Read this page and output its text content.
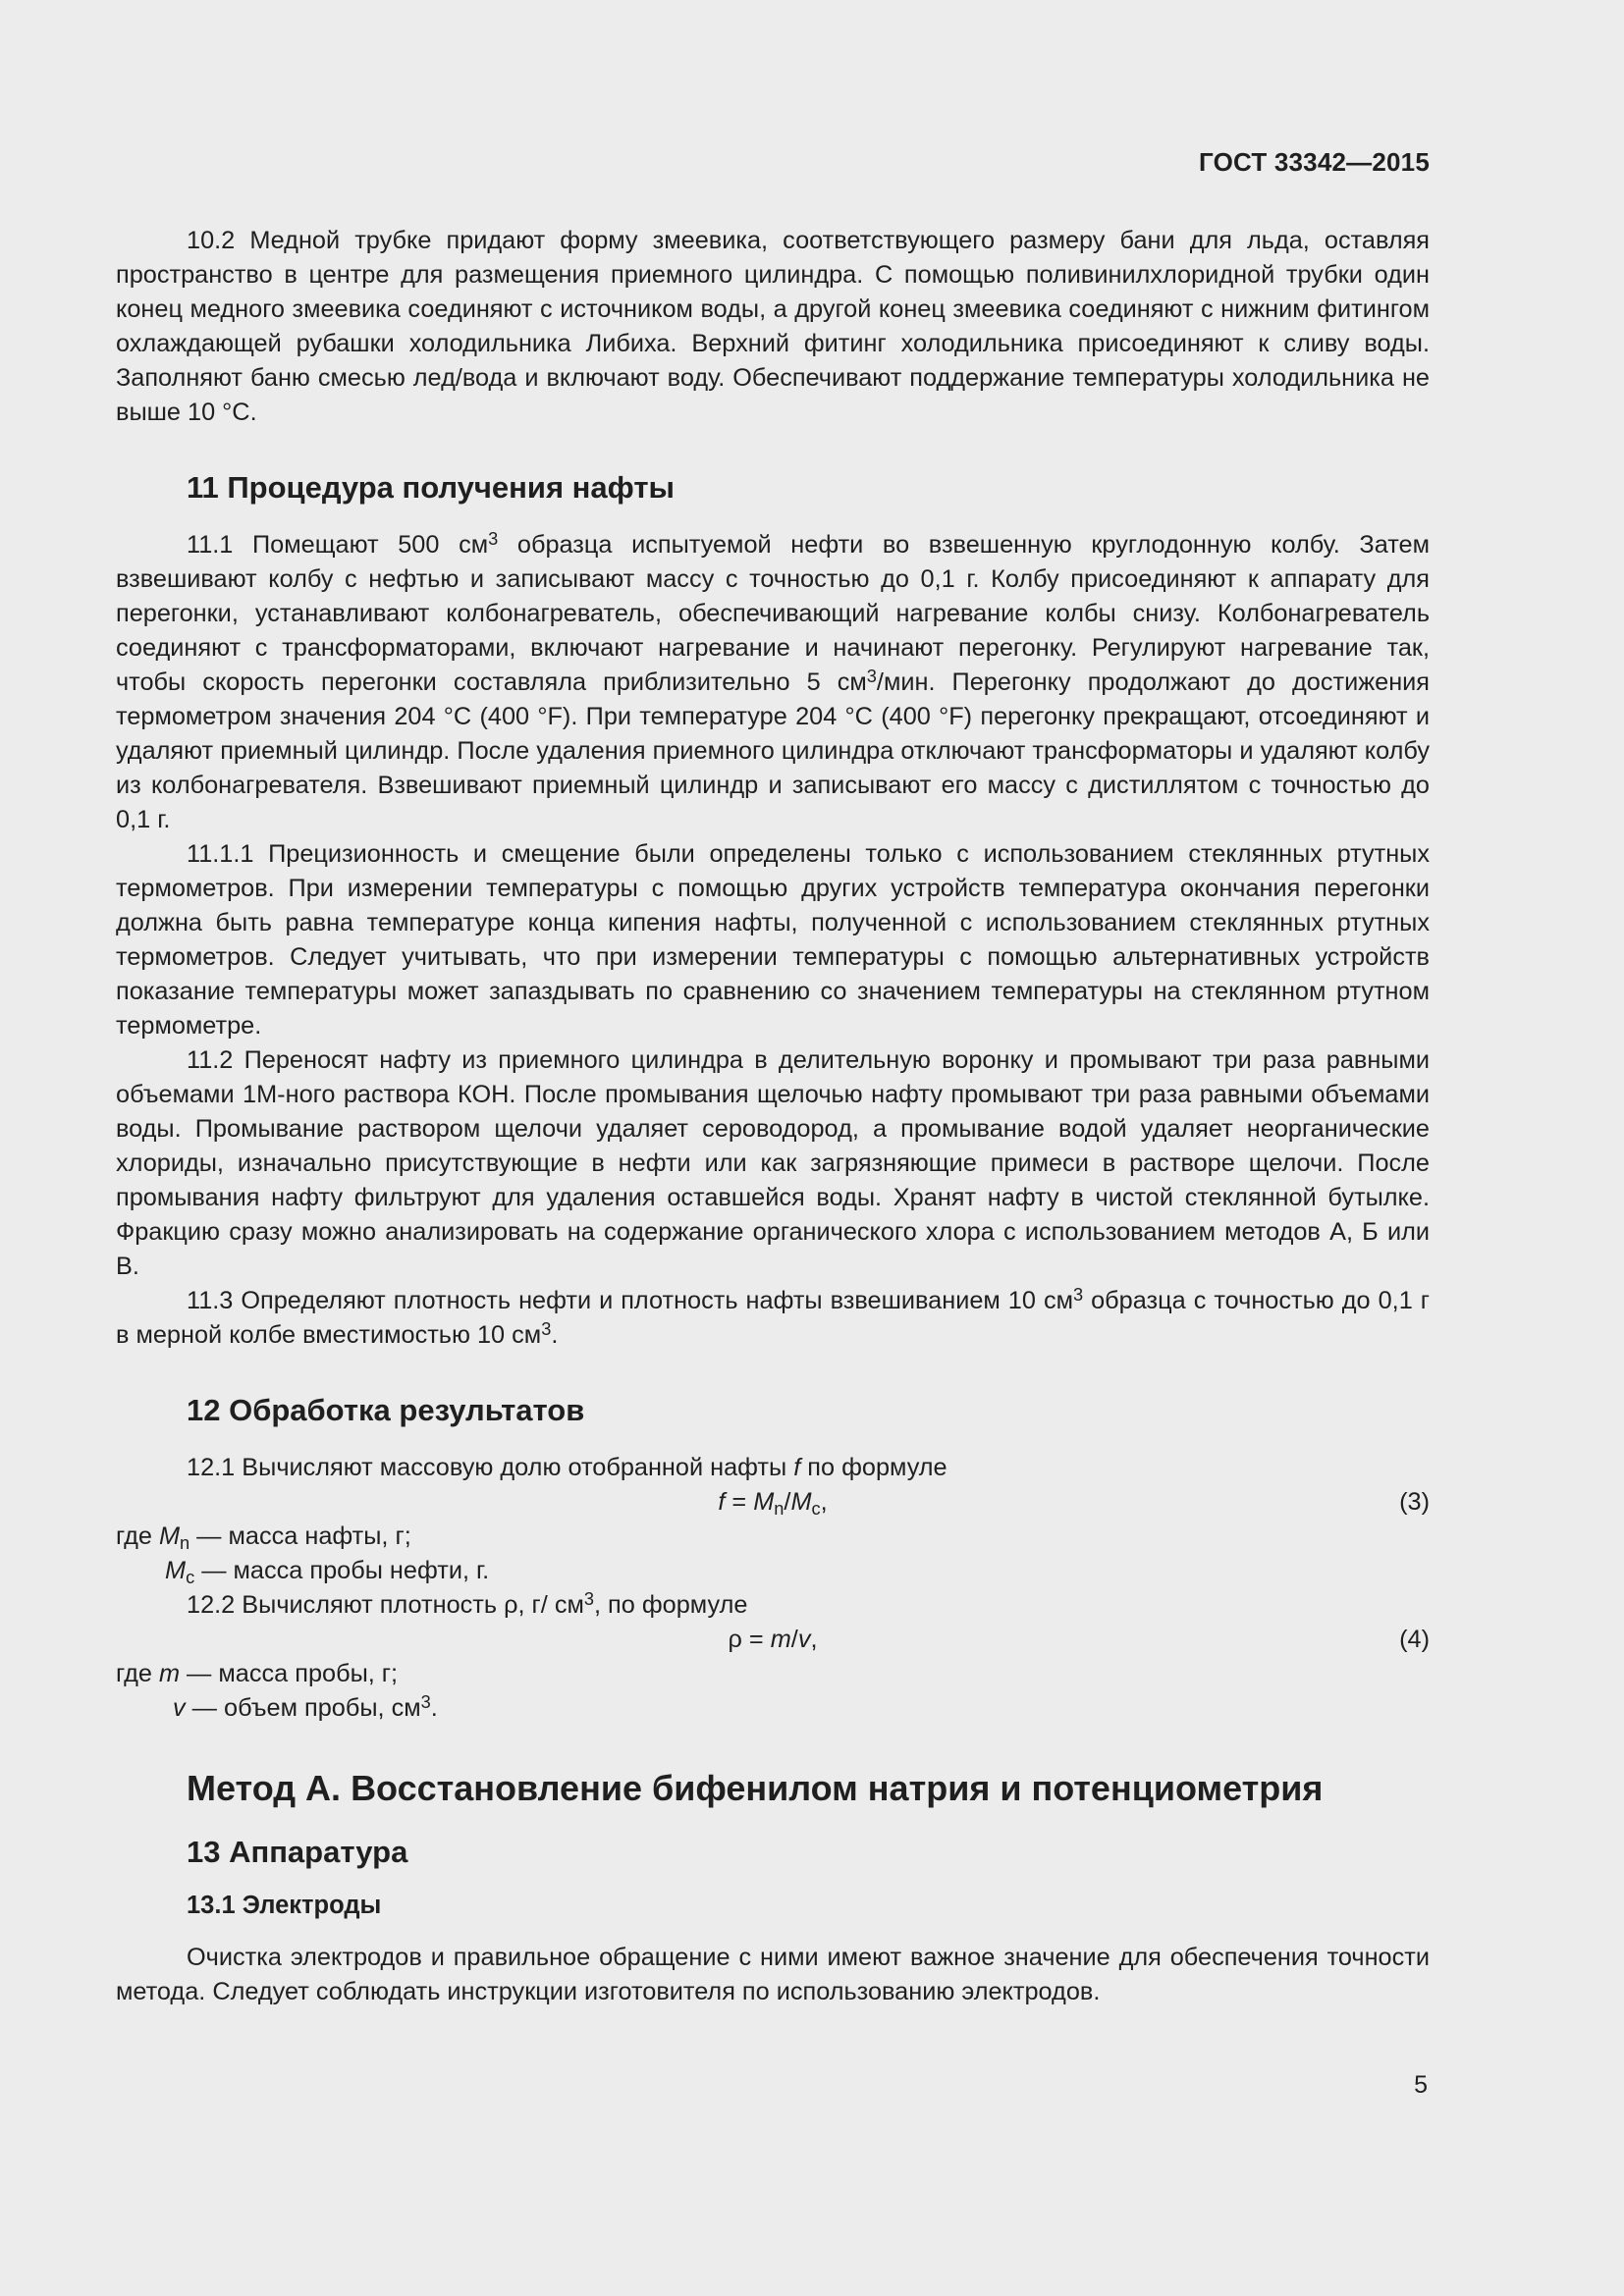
ГОСТ 33342—2015

10.2 Медной трубке придают форму змеевика, соответствующего размеру бани для льда, оставляя пространство в центре для размещения приемного цилиндра. С помощью поливинилхлоридной трубки один конец медного змеевика соединяют с источником воды, а другой конец змеевика соединяют с нижним фитингом охлаждающей рубашки холодильника Либиха. Верхний фитинг холодильника присоединяют к сливу воды. Заполняют баню смесью лед/вода и включают воду. Обеспечивают поддержание температуры холодильника не выше 10 °С.

11 Процедура получения нафты

11.1 Помещают 500 $см^3$ образца испытуемой нефти во взвешенную круглодонную колбу. Затем взвешивают колбу с нефтью и записывают массу с точностью до 0,1 г. Колбу присоединяют к аппарату для перегонки, устанавливают колбонагреватель, обеспечивающий нагревание колбы снизу. Колбонагреватель соединяют с трансформаторами, включают нагревание и начинают перегонку. Регулируют нагревание так, чтобы скорость перегонки составляла приблизительно 5 $см^3$/мин. Перегонку продолжают до достижения термометром значения 204 °С (400 °F). При температуре 204 °С (400 °F) перегонку прекращают, отсоединяют и удаляют приемный цилиндр. После удаления приемного цилиндра отключают трансформаторы и удаляют колбу из колбонагревателя. Взвешивают приемный цилиндр и записывают его массу с дистиллятом с точностью до 0,1 г.

11.1.1 Прецизионность и смещение были определены только с использованием стеклянных ртутных термометров. При измерении температуры с помощью других устройств температура окончания перегонки должна быть равна температуре конца кипения нафты, полученной с использованием стеклянных ртутных термометров. Следует учитывать, что при измерении температуры с помощью альтернативных устройств показание температуры может запаздывать по сравнению со значением температуры на стеклянном ртутном термометре.

11.2 Переносят нафту из приемного цилиндра в делительную воронку и промывают три раза равными объемами 1М-ного раствора КОН. После промывания щелочью нафту промывают три раза равными объемами воды. Промывание раствором щелочи удаляет сероводород, а промывание водой удаляет неорганические хлориды, изначально присутствующие в нефти или как загрязняющие примеси в растворе щелочи. После промывания нафту фильтруют для удаления оставшейся воды. Хранят нафту в чистой стеклянной бутылке. Фракцию сразу можно анализировать на содержание органического хлора с использованием методов А, Б или В.

11.3 Определяют плотность нефти и плотность нафты взвешиванием 10 $см^3$ образца с точностью до 0,1 г в мерной колбе вместимостью 10 $см^3$.

12 Обработка результатов

12.1 Вычисляют массовую долю отобранной нафты f по формуле

$f = M_n/M_c$,	(3)

где $M_n$ — масса нафты, г;

$M_c$ — масса пробы нефти, г.

12.2 Вычисляют плотность ρ, г/ $см^3$, по формуле

ρ = m/v,	(4)

где m — масса пробы, г;

v — объем пробы, $см^3$.

Метод А. Восстановление бифенилом натрия и потенциометрия
13 Аппаратура
13.1 Электроды

Очистка электродов и правильное обращение с ними имеют важное значение для обеспечения точности метода. Следует соблюдать инструкции изготовителя по использованию электродов.

5
